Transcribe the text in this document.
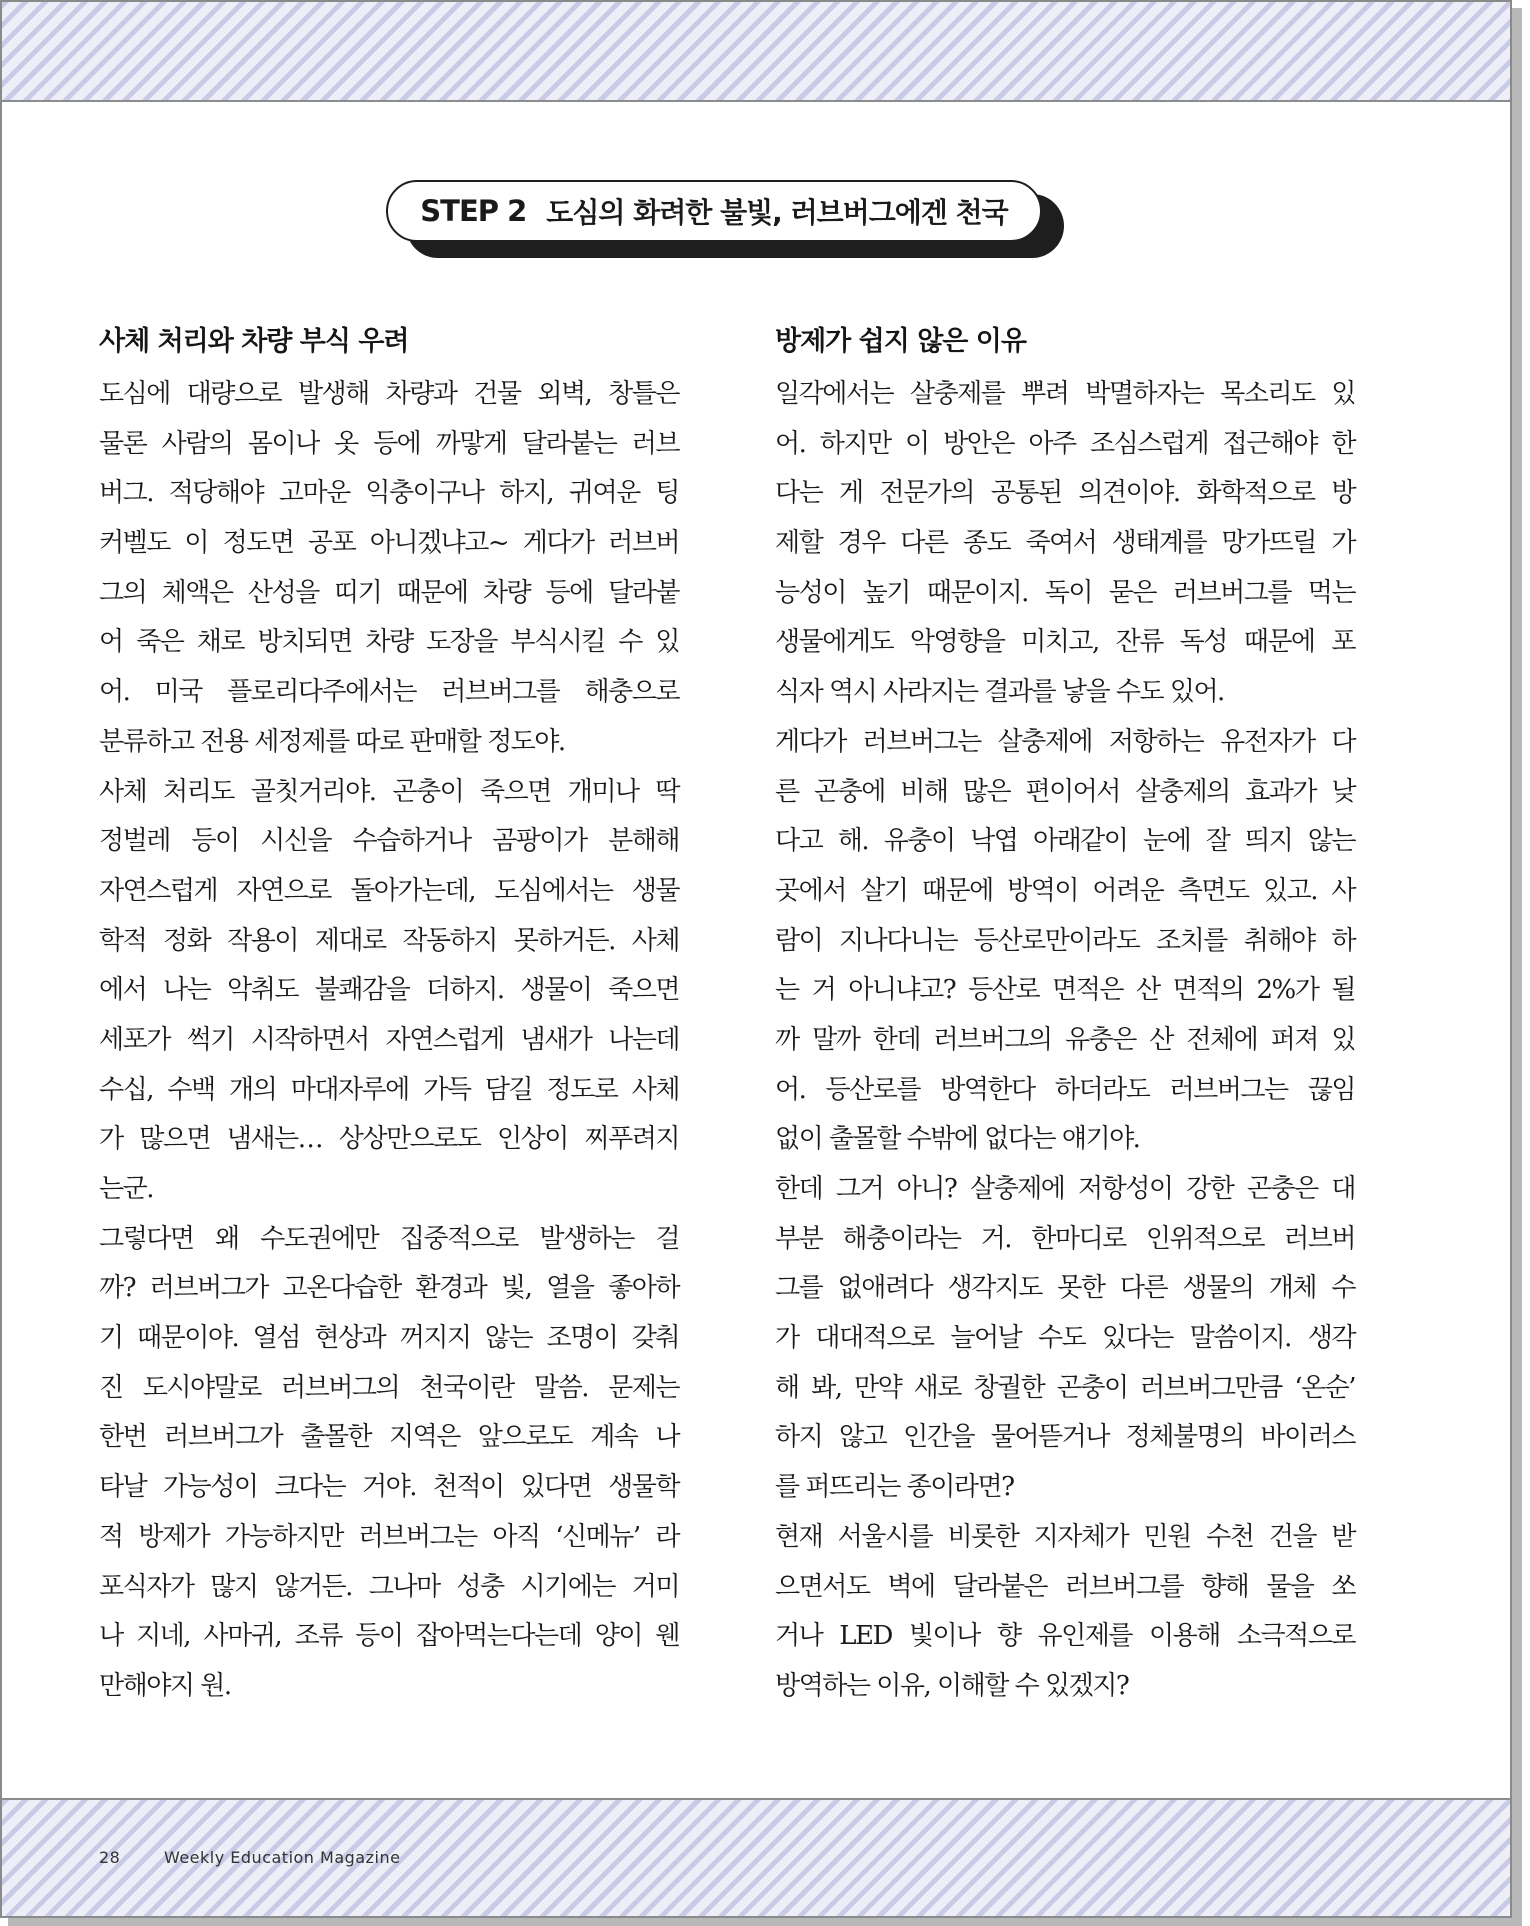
STEP 2 도심의 화려한 불빛, 러브버그에겐 천국
사체 처리와 차량 부식 우려
도심에 대량으로 발생해 차량과 건물 외벽, 창틀은
물론 사람의 몸이나 옷 등에 까맣게 달라붙는 러브
버그. 적당해야 고마운 익충이구나 하지, 귀여운 팅
커벨도 이 정도면 공포 아니겠냐고~ 게다가 러브버
그의 체액은 산성을 띠기 때문에 차량 등에 달라붙
어 죽은 채로 방치되면 차량 도장을 부식시킬 수 있
어. 미국 플로리다주에서는 러브버그를 해충으로
분류하고 전용 세정제를 따로 판매할 정도야.
사체 처리도 골칫거리야. 곤충이 죽으면 개미나 딱
정벌레 등이 시신을 수습하거나 곰팡이가 분해해
자연스럽게 자연으로 돌아가는데, 도심에서는 생물
학적 정화 작용이 제대로 작동하지 못하거든. 사체
에서 나는 악취도 불쾌감을 더하지. 생물이 죽으면
세포가 썩기 시작하면서 자연스럽게 냄새가 나는데
수십, 수백 개의 마대자루에 가득 담길 정도로 사체
가 많으면 냄새는… 상상만으로도 인상이 찌푸려지
는군.
그렇다면 왜 수도권에만 집중적으로 발생하는 걸
까? 러브버그가 고온다습한 환경과 빛, 열을 좋아하
기 때문이야. 열섬 현상과 꺼지지 않는 조명이 갖춰
진 도시야말로 러브버그의 천국이란 말씀. 문제는
한번 러브버그가 출몰한 지역은 앞으로도 계속 나
타날 가능성이 크다는 거야. 천적이 있다면 생물학
적 방제가 가능하지만 러브버그는 아직 ‘신메뉴’ 라
포식자가 많지 않거든. 그나마 성충 시기에는 거미
나 지네, 사마귀, 조류 등이 잡아먹는다는데 양이 웬
만해야지 원.
방제가 쉽지 않은 이유
일각에서는 살충제를 뿌려 박멸하자는 목소리도 있
어. 하지만 이 방안은 아주 조심스럽게 접근해야 한
다는 게 전문가의 공통된 의견이야. 화학적으로 방
제할 경우 다른 종도 죽여서 생태계를 망가뜨릴 가
능성이 높기 때문이지. 독이 묻은 러브버그를 먹는
생물에게도 악영향을 미치고, 잔류 독성 때문에 포
식자 역시 사라지는 결과를 낳을 수도 있어.
게다가 러브버그는 살충제에 저항하는 유전자가 다
른 곤충에 비해 많은 편이어서 살충제의 효과가 낮
다고 해. 유충이 낙엽 아래같이 눈에 잘 띄지 않는
곳에서 살기 때문에 방역이 어려운 측면도 있고. 사
람이 지나다니는 등산로만이라도 조치를 취해야 하
는 거 아니냐고? 등산로 면적은 산 면적의 2%가 될
까 말까 한데 러브버그의 유충은 산 전체에 퍼져 있
어. 등산로를 방역한다 하더라도 러브버그는 끊임
없이 출몰할 수밖에 없다는 얘기야.
한데 그거 아니? 살충제에 저항성이 강한 곤충은 대
부분 해충이라는 거. 한마디로 인위적으로 러브버
그를 없애려다 생각지도 못한 다른 생물의 개체 수
가 대대적으로 늘어날 수도 있다는 말씀이지. 생각
해 봐, 만약 새로 창궐한 곤충이 러브버그만큼 ‘온순’
하지 않고 인간을 물어뜯거나 정체불명의 바이러스
를 퍼뜨리는 종이라면?
현재 서울시를 비롯한 지자체가 민원 수천 건을 받
으면서도 벽에 달라붙은 러브버그를 향해 물을 쏘
거나 LED 빛이나 향 유인제를 이용해 소극적으로
방역하는 이유, 이해할 수 있겠지?
28	Weekly Education Magazine
